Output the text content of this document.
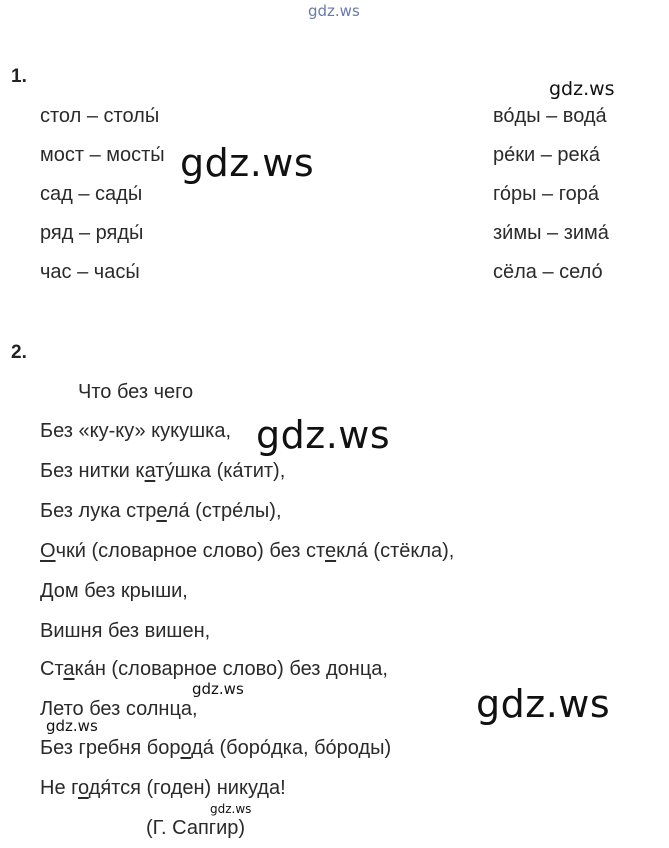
gdz.ws
gdz.ws
gdz.ws
1.
стол – столы́
мост – мосты́
сад – сады́
ряд – ряды́
час – часы́
во́ды – вода́
ре́ки – река́
го́ры – гора́
зи́мы – зима́
сёла – село́
2.
Что без чего
Без «ку-ку» кукушка,
Без нитки кату́шка (ка́тит),
Без лука стрела́ (стре́лы),
Очки́ (словарное слово) без стекла́ (стёкла),
Дом без крыши,
Вишня без вишен,
Стака́н (словарное слово) без донца,
Лето без солнца,
Без гребня борода́ (боро́дка, бо́роды)
Не годя́тся (годен) никуда!
(Г. Сапгир)
gdz.ws
gdz.ws
gdz.ws
gdz.ws
gdz.ws
